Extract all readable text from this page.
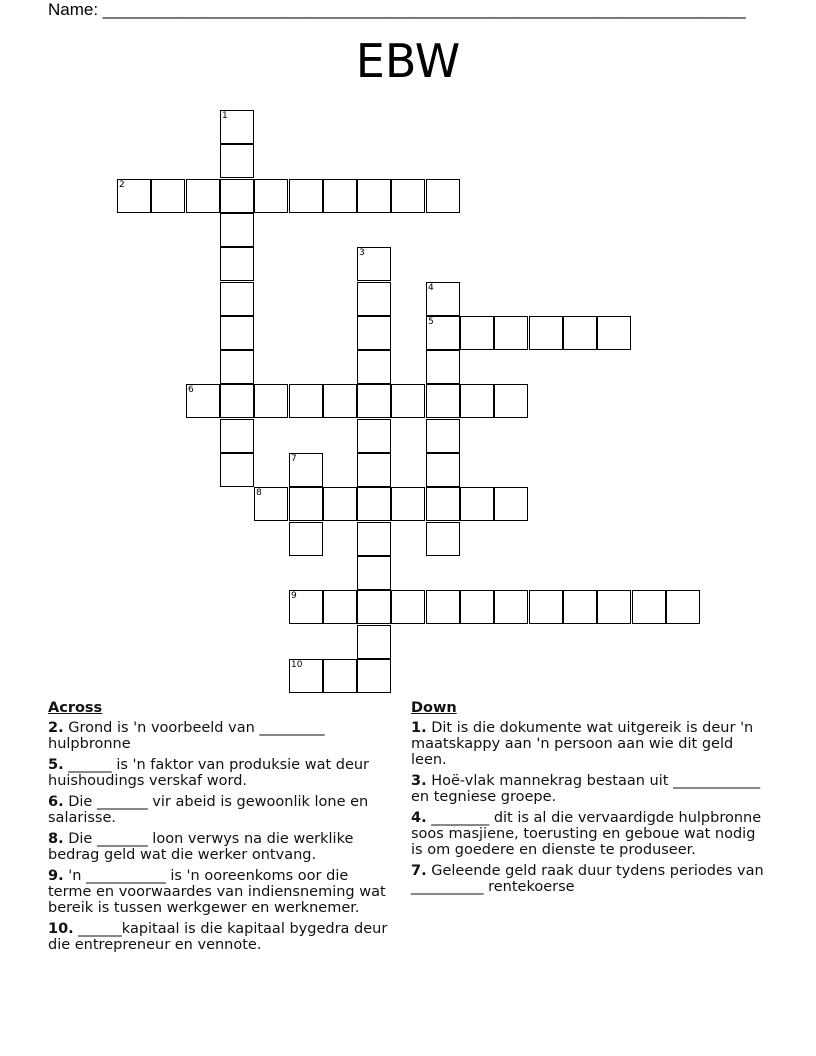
Name: ____________________________________________________________________
EBW
1
2
3
4
5
6
7
8
9
10
Across
2. Grond is 'n voorbeeld van _________ hulpbronne
5. ______ is 'n faktor van produksie wat deur huishoudings verskaf word.
6. Die _______ vir abeid is gewoonlik lone en salarisse.
8. Die _______ loon verwys na die werklike bedrag geld wat die werker ontvang.
9. 'n ___________ is 'n ooreenkoms oor die terme en voorwaardes van indiensneming wat bereik is tussen werkgewer en werknemer.
10. ______kapitaal is die kapitaal bygedra deur die entrepreneur en vennote.
Down
1. Dit is die dokumente wat uitgereik is deur 'n maatskappy aan 'n persoon aan wie dit geld leen.
3. Hoë-vlak mannekrag bestaan uit ____________ en tegniese groepe.
4. ________ dit is al die vervaardigde hulpbronne soos masjiene, toerusting en geboue wat nodig is om goedere en dienste te produseer.
7. Geleende geld raak duur tydens periodes van __________ rentekoerse
